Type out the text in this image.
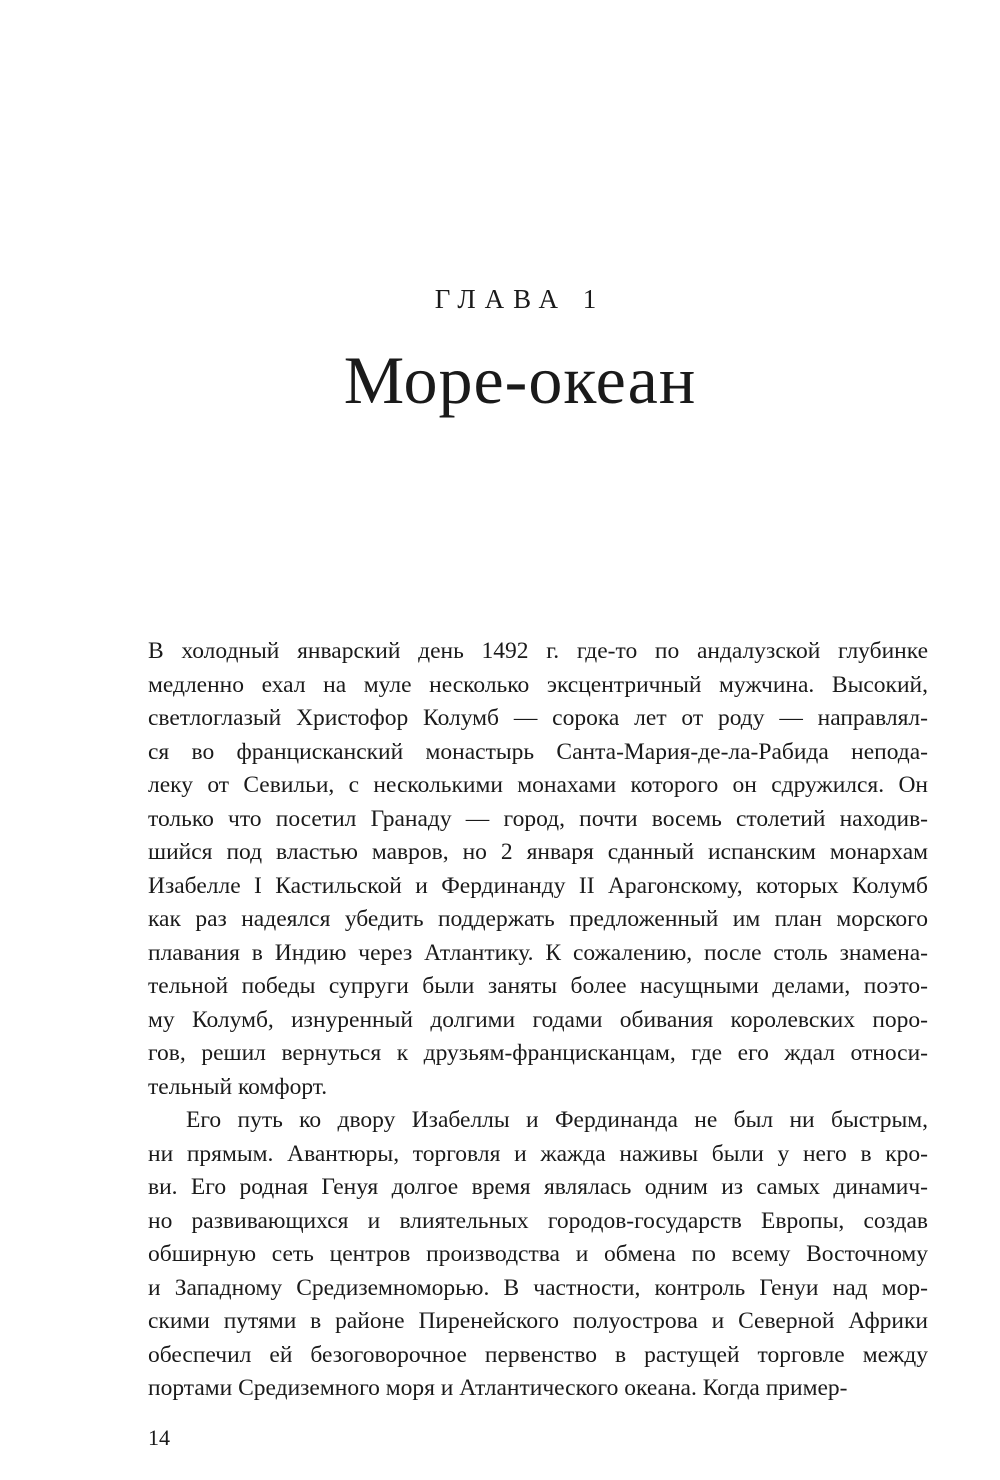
ГЛАВА 1
Море-океан
В холодный январский день 1492 г. где-то по андалузской глубинке
медленно ехал на муле несколько эксцентричный мужчина. Высокий,
светлоглазый Христофор Колумб — сорока лет от роду — направлял-
ся во францисканский монастырь Санта-Мария-де-ла-Рабида непода-
леку от Севильи, с несколькими монахами которого он сдружился. Он
только что посетил Гранаду — город, почти восемь столетий находив-
шийся под властью мавров, но 2 января сданный испанским монархам
Изабелле I Кастильской и Фердинанду II Арагонскому, которых Колумб
как раз надеялся убедить поддержать предложенный им план морского
плавания в Индию через Атлантику. К сожалению, после столь знамена-
тельной победы супруги были заняты более насущными делами, поэто-
му Колумб, изнуренный долгими годами обивания королевских поро-
гов, решил вернуться к друзьям-францисканцам, где его ждал относи-
тельный комфорт.
Его путь ко двору Изабеллы и Фердинанда не был ни быстрым,
ни прямым. Авантюры, торговля и жажда наживы были у него в кро-
ви. Его родная Генуя долгое время являлась одним из самых динамич-
но развивающихся и влиятельных городов-государств Европы, создав
обширную сеть центров производства и обмена по всему Восточному
и Западному Средиземноморью. В частности, контроль Генуи над мор-
скими путями в районе Пиренейского полуострова и Северной Африки
обеспечил ей безоговорочное первенство в растущей торговле между
портами Средиземного моря и Атлантического океана. Когда пример-
14
